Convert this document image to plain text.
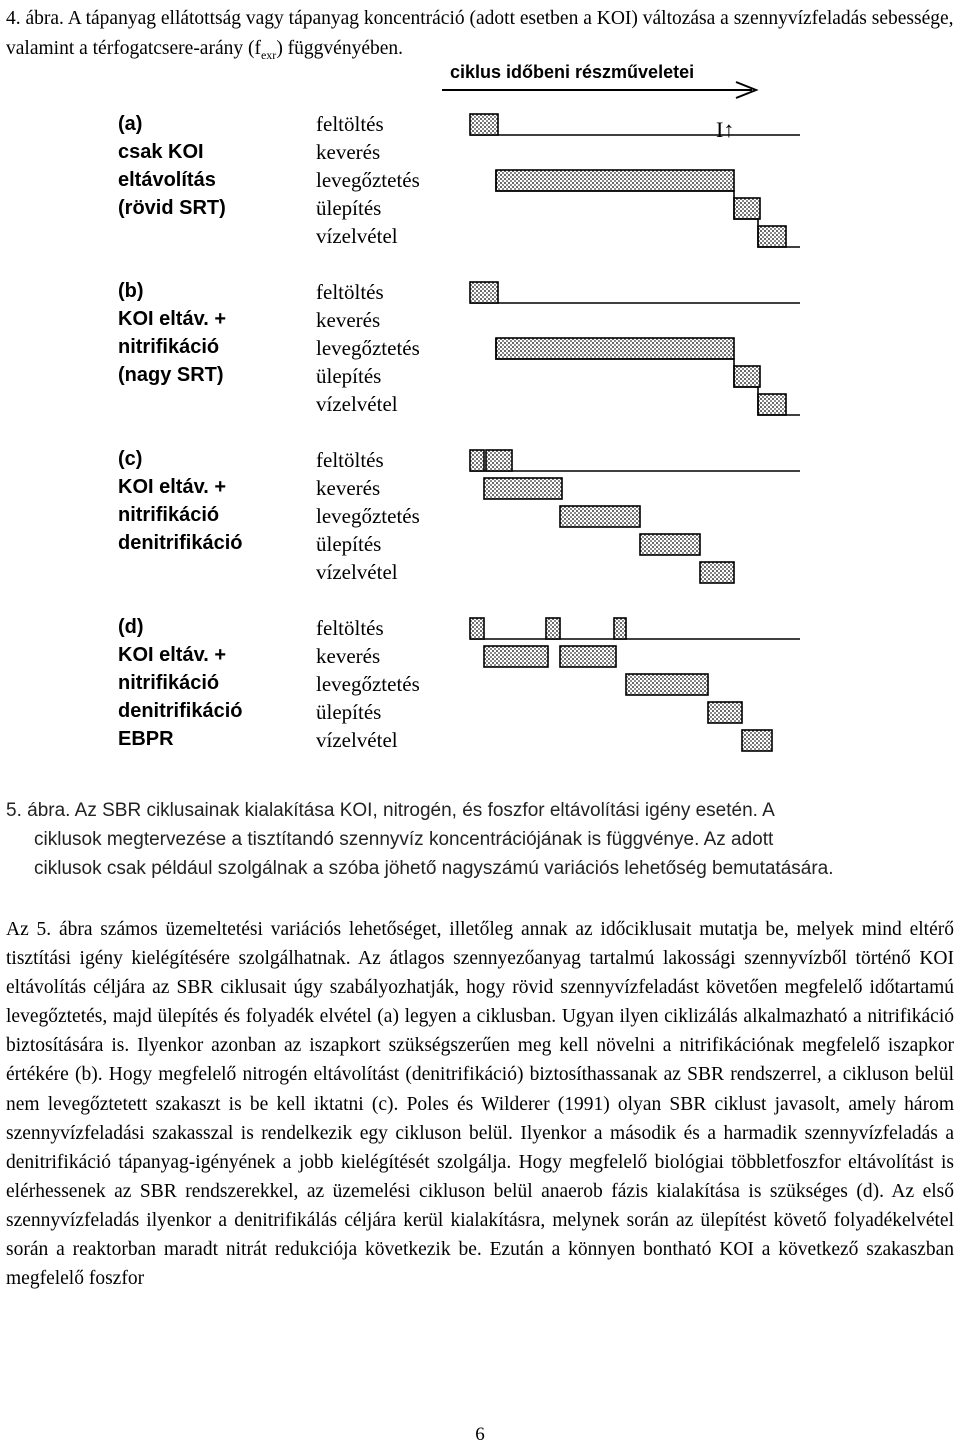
4. ábra. A tápanyag ellátottság vagy tápanyag koncentráció (adott esetben a KOI) változása a szennyvízfeladás sebessége, valamint a térfogatcsere-arány $(f_{exr})$ függvényében.
ciklus időbeni részműveletei
I↑
(a)
csak KOI
eltávolítás
(rövid SRT)
feltöltés
keverés
levegőztetés
ülepítés
vízelvétel
(b)
KOI eltáv. +
nitrifikáció
(nagy SRT)
feltöltés
keverés
levegőztetés
ülepítés
vízelvétel
(c)
KOI eltáv. +
nitrifikáció
denitrifikáció
feltöltés
keverés
levegőztetés
ülepítés
vízelvétel
(d)
KOI eltáv. +
nitrifikáció
denitrifikáció
EBPR
feltöltés
keverés
levegőztetés
ülepítés
vízelvétel
5. ábra. Az SBR ciklusainak kialakítása KOI, nitrogén, és foszfor eltávolítási igény esetén. A
ciklusok megtervezése a tisztítandó szennyvíz koncentrációjának is függvénye. Az adott
ciklusok csak például szolgálnak a szóba jöhető nagyszámú variációs lehetőség bemutatására.
Az 5. ábra számos üzemeltetési variációs lehetőséget, illetőleg annak az időciklusait mutatja be, melyek mind eltérő tisztítási igény kielégítésére szolgálhatnak. Az átlagos szennyezőanyag tartalmú lakossági szennyvízből történő KOI eltávolítás céljára az SBR ciklusait úgy szabályozhatják, hogy rövid szennyvízfeladást követően megfelelő időtartamú levegőztetés, majd ülepítés és folyadék elvétel (a) legyen a ciklusban. Ugyan ilyen ciklizálás alkalmazható a nitrifikáció biztosítására is. Ilyenkor azonban az iszapkort szükségszerűen meg kell növelni a nitrifikációnak megfelelő iszapkor értékére (b). Hogy megfelelő nitrogén eltávolítást (denitrifikáció) biztosíthassanak az SBR rendszerrel, a cikluson belül nem levegőztetett szakaszt is be kell iktatni (c). Poles és Wilderer (1991) olyan SBR ciklust javasolt, amely három szennyvízfeladási szakasszal is rendelkezik egy cikluson belül. Ilyenkor a második és a harmadik szennyvízfeladás a denitrifikáció tápanyag-igényének a jobb kielégítését szolgálja. Hogy megfelelő biológiai többletfoszfor eltávolítást is elérhessenek az SBR rendszerekkel, az üzemelési cikluson belül anaerob fázis kialakítása is szükséges (d). Az első szennyvízfeladás ilyenkor a denitrifikálás céljára kerül kialakításra, melynek során az ülepítést követő folyadékelvétel során a reaktorban maradt nitrát redukciója következik be. Ezután a könnyen bontható KOI a következő szakaszban megfelelő foszfor
6
